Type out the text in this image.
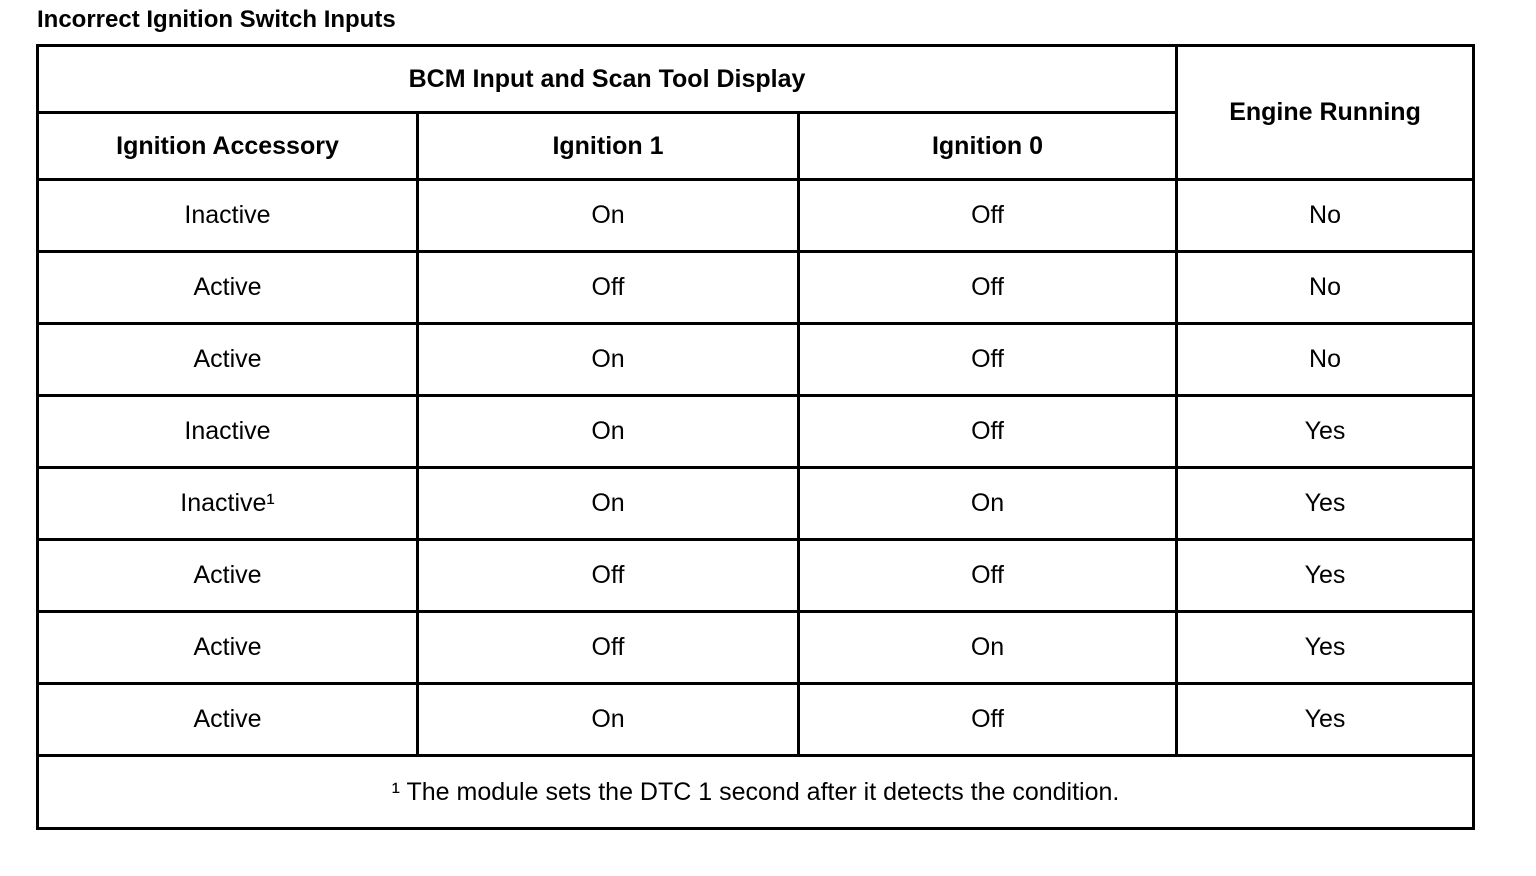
Incorrect Ignition Switch Inputs
BCM Input and Scan Tool Display			Engine Running
Ignition Accessory	Ignition 1	Ignition 0	
Inactive	On	Off	No
Active	Off	Off	No
Active	On	Off	No
Inactive	On	Off	Yes
Inactive¹	On	On	Yes
Active	Off	Off	Yes
Active	Off	On	Yes
Active	On	Off	Yes
¹ The module sets the DTC 1 second after it detects the condition.			
